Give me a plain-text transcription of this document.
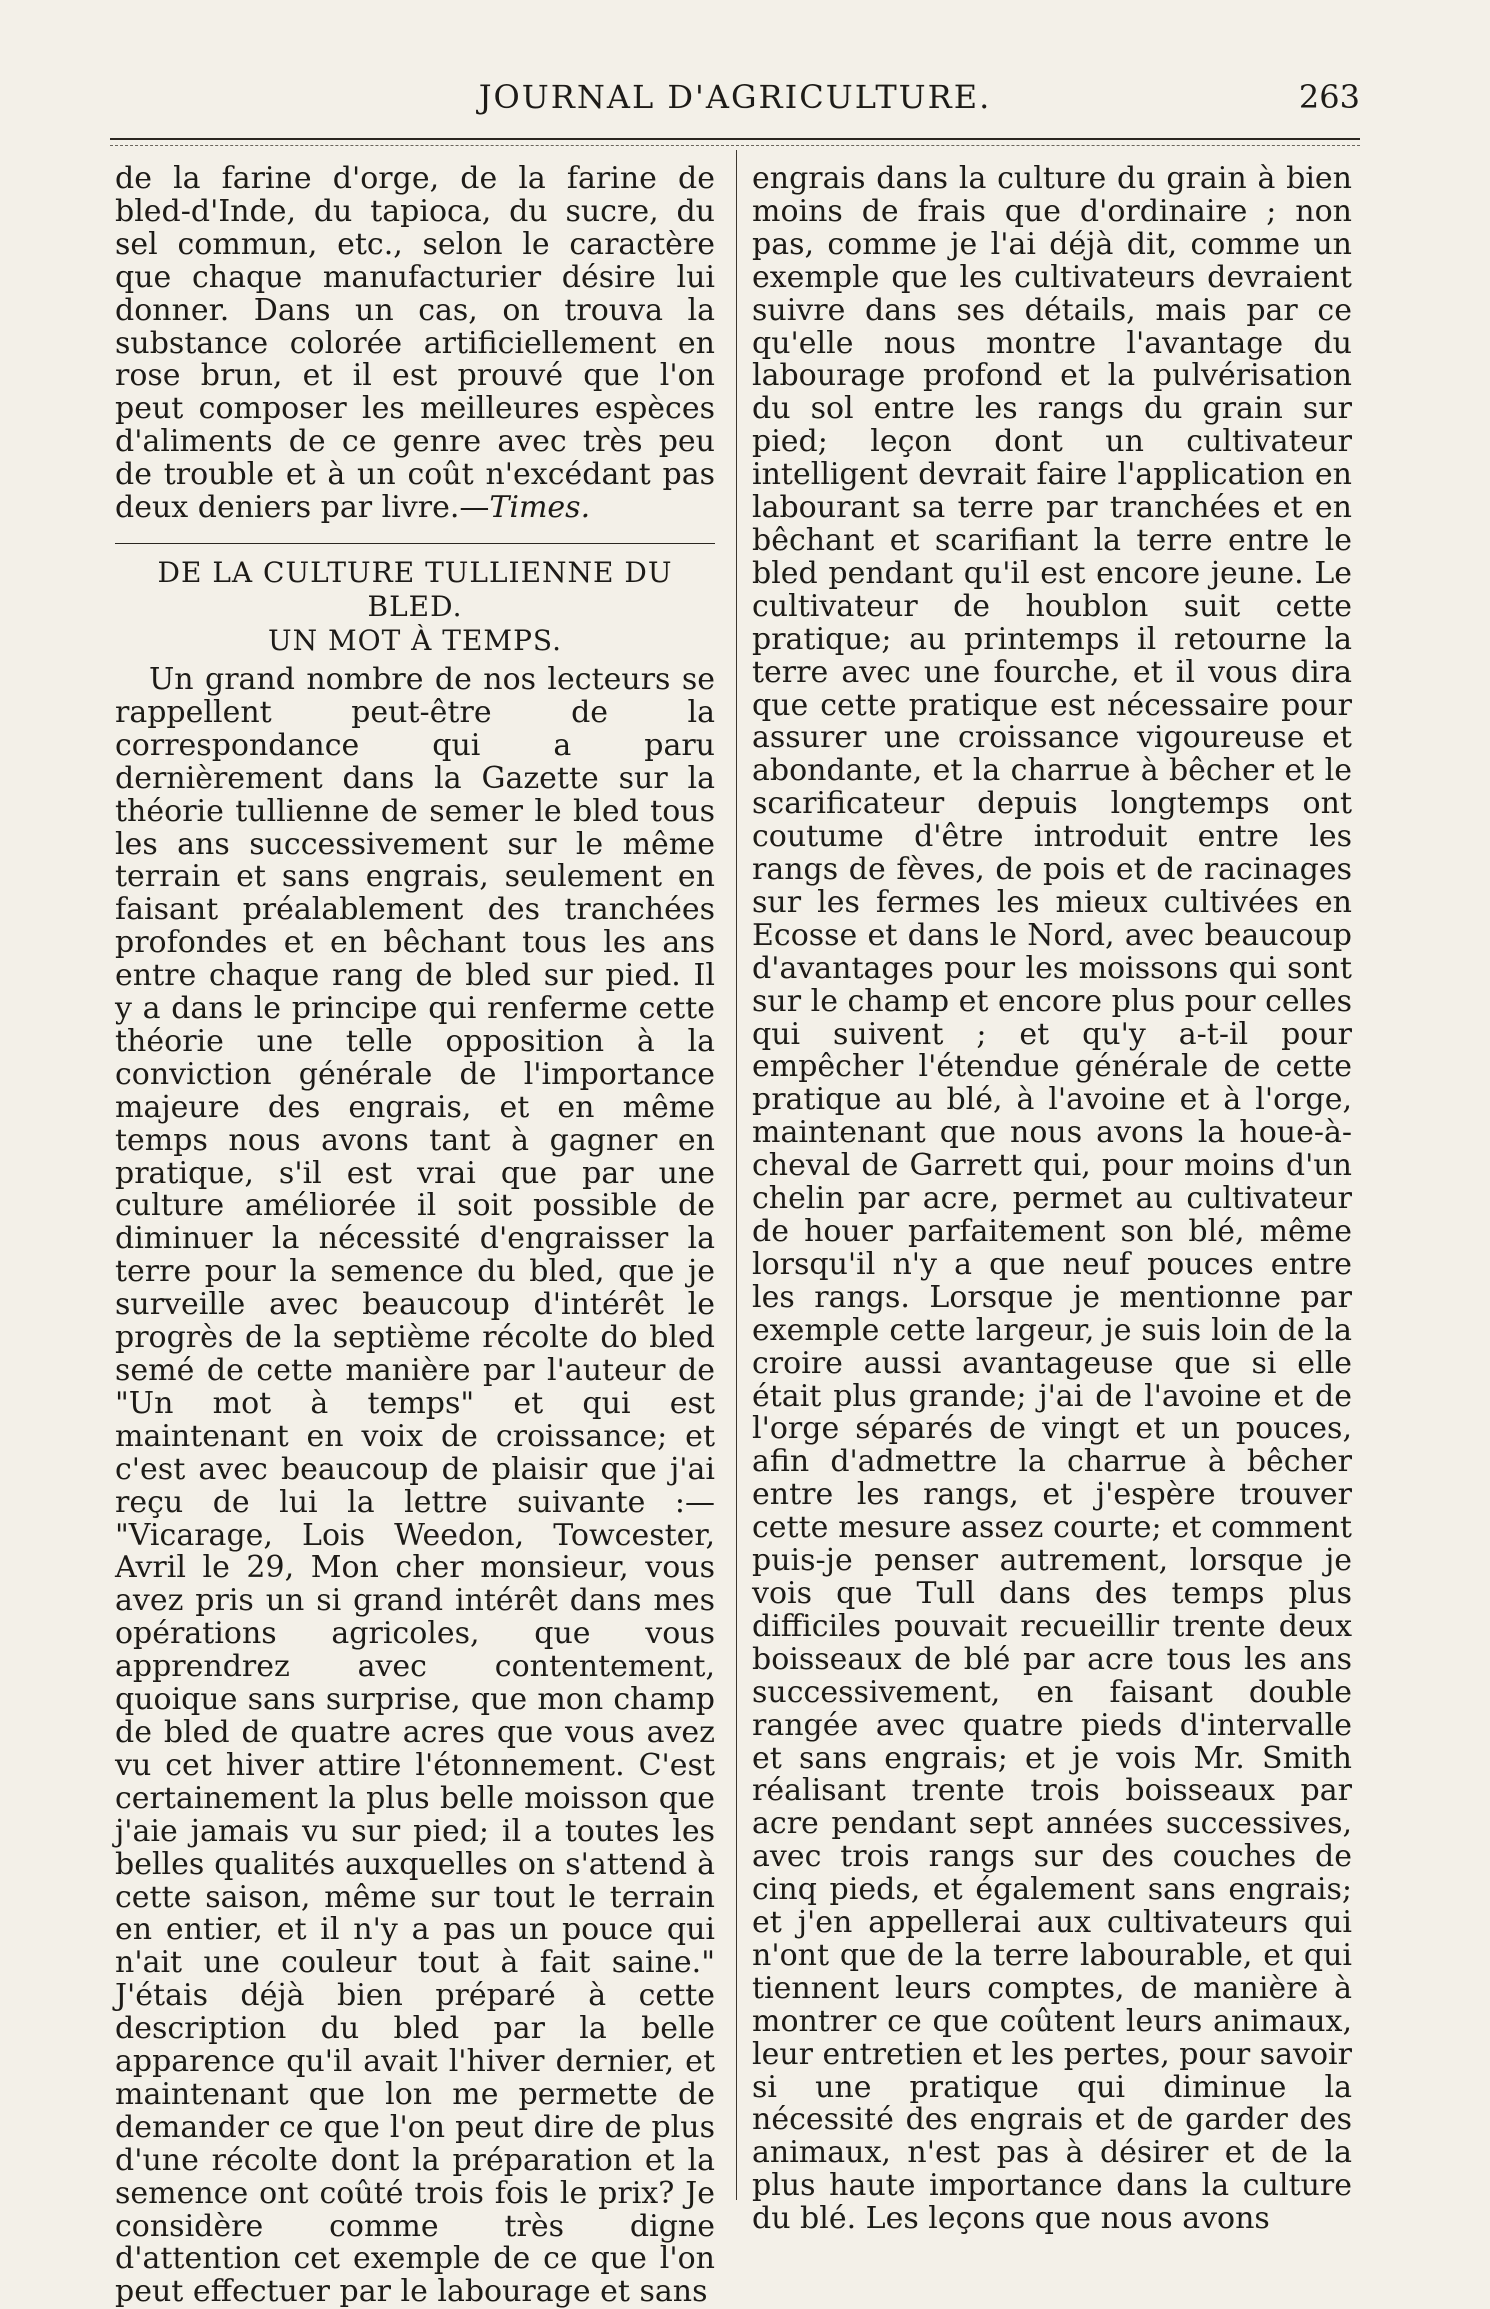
JOURNAL D'AGRICULTURE.	263

de la farine d'orge, de la farine de bled-d'Inde, du tapioca, du sucre, du sel commun, etc., selon le caractère que chaque manufacturier désire lui donner. Dans un cas, on trouva la substance colorée artificiellement en rose brun, et il est prouvé que l'on peut composer les meilleures espèces d'aliments de ce genre avec très peu de trouble et à un coût n'excédant pas deux deniers par livre.—Times.

DE LA CULTURE TULLIENNE DU BLED.
UN MOT À TEMPS.

Un grand nombre de nos lecteurs se rappellent peut-être de la correspondance qui a paru dernièrement dans la Gazette sur la théorie tullienne de semer le bled tous les ans successivement sur le même terrain et sans engrais, seulement en faisant préalablement des tranchées profondes et en bêchant tous les ans entre chaque rang de bled sur pied. Il y a dans le principe qui renferme cette théorie une telle opposition à la conviction générale de l'importance majeure des engrais, et en même temps nous avons tant à gagner en pratique, s'il est vrai que par une culture améliorée il soit possible de diminuer la nécessité d'engraisser la terre pour la semence du bled, que je surveille avec beaucoup d'intérêt le progrès de la septième récolte do bled semé de cette manière par l'auteur de "Un mot à temps" et qui est maintenant en voix de croissance; et c'est avec beaucoup de plaisir que j'ai reçu de lui la lettre suivante :— "Vicarage, Lois Weedon, Towcester, Avril le 29, Mon cher monsieur, vous avez pris un si grand intérêt dans mes opérations agricoles, que vous apprendrez avec contentement, quoique sans surprise, que mon champ de bled de quatre acres que vous avez vu cet hiver attire l'étonnement. C'est certainement la plus belle moisson que j'aie jamais vu sur pied; il a toutes les belles qualités auxquelles on s'attend à cette saison, même sur tout le terrain en entier, et il n'y a pas un pouce qui n'ait une couleur tout à fait saine." J'étais déjà bien préparé à cette description du bled par la belle apparence qu'il avait l'hiver dernier, et maintenant que lon me permette de demander ce que l'on peut dire de plus d'une récolte dont la préparation et la semence ont coûté trois fois le prix? Je considère comme très digne d'attention cet exemple de ce que l'on peut effectuer par le labourage et sans

engrais dans la culture du grain à bien moins de frais que d'ordinaire ; non pas, comme je l'ai déjà dit, comme un exemple que les cultivateurs devraient suivre dans ses détails, mais par ce qu'elle nous montre l'avantage du labourage profond et la pulvérisation du sol entre les rangs du grain sur pied; leçon dont un cultivateur intelligent devrait faire l'application en labourant sa terre par tranchées et en bêchant et scarifiant la terre entre le bled pendant qu'il est encore jeune. Le cultivateur de houblon suit cette pratique; au printemps il retourne la terre avec une fourche, et il vous dira que cette pratique est nécessaire pour assurer une croissance vigoureuse et abondante, et la charrue à bêcher et le scarificateur depuis longtemps ont coutume d'être introduit entre les rangs de fèves, de pois et de racinages sur les fermes les mieux cultivées en Ecosse et dans le Nord, avec beaucoup d'avantages pour les moissons qui sont sur le champ et encore plus pour celles qui suivent ; et qu'y a-t-il pour empêcher l'étendue générale de cette pratique au blé, à l'avoine et à l'orge, maintenant que nous avons la houe-à-cheval de Garrett qui, pour moins d'un chelin par acre, permet au cultivateur de houer parfaitement son blé, même lorsqu'il n'y a que neuf pouces entre les rangs. Lorsque je mentionne par exemple cette largeur, je suis loin de la croire aussi avantageuse que si elle était plus grande; j'ai de l'avoine et de l'orge séparés de vingt et un pouces, afin d'admettre la charrue à bêcher entre les rangs, et j'espère trouver cette mesure assez courte; et comment puis-je penser autrement, lorsque je vois que Tull dans des temps plus difficiles pouvait recueillir trente deux boisseaux de blé par acre tous les ans successivement, en faisant double rangée avec quatre pieds d'intervalle et sans engrais; et je vois Mr. Smith réalisant trente trois boisseaux par acre pendant sept années successives, avec trois rangs sur des couches de cinq pieds, et également sans engrais; et j'en appellerai aux cultivateurs qui n'ont que de la terre labourable, et qui tiennent leurs comptes, de manière à montrer ce que coûtent leurs animaux, leur entretien et les pertes, pour savoir si une pratique qui diminue la nécessité des engrais et de garder des animaux, n'est pas à désirer et de la plus haute importance dans la culture du blé. Les leçons que nous avons
